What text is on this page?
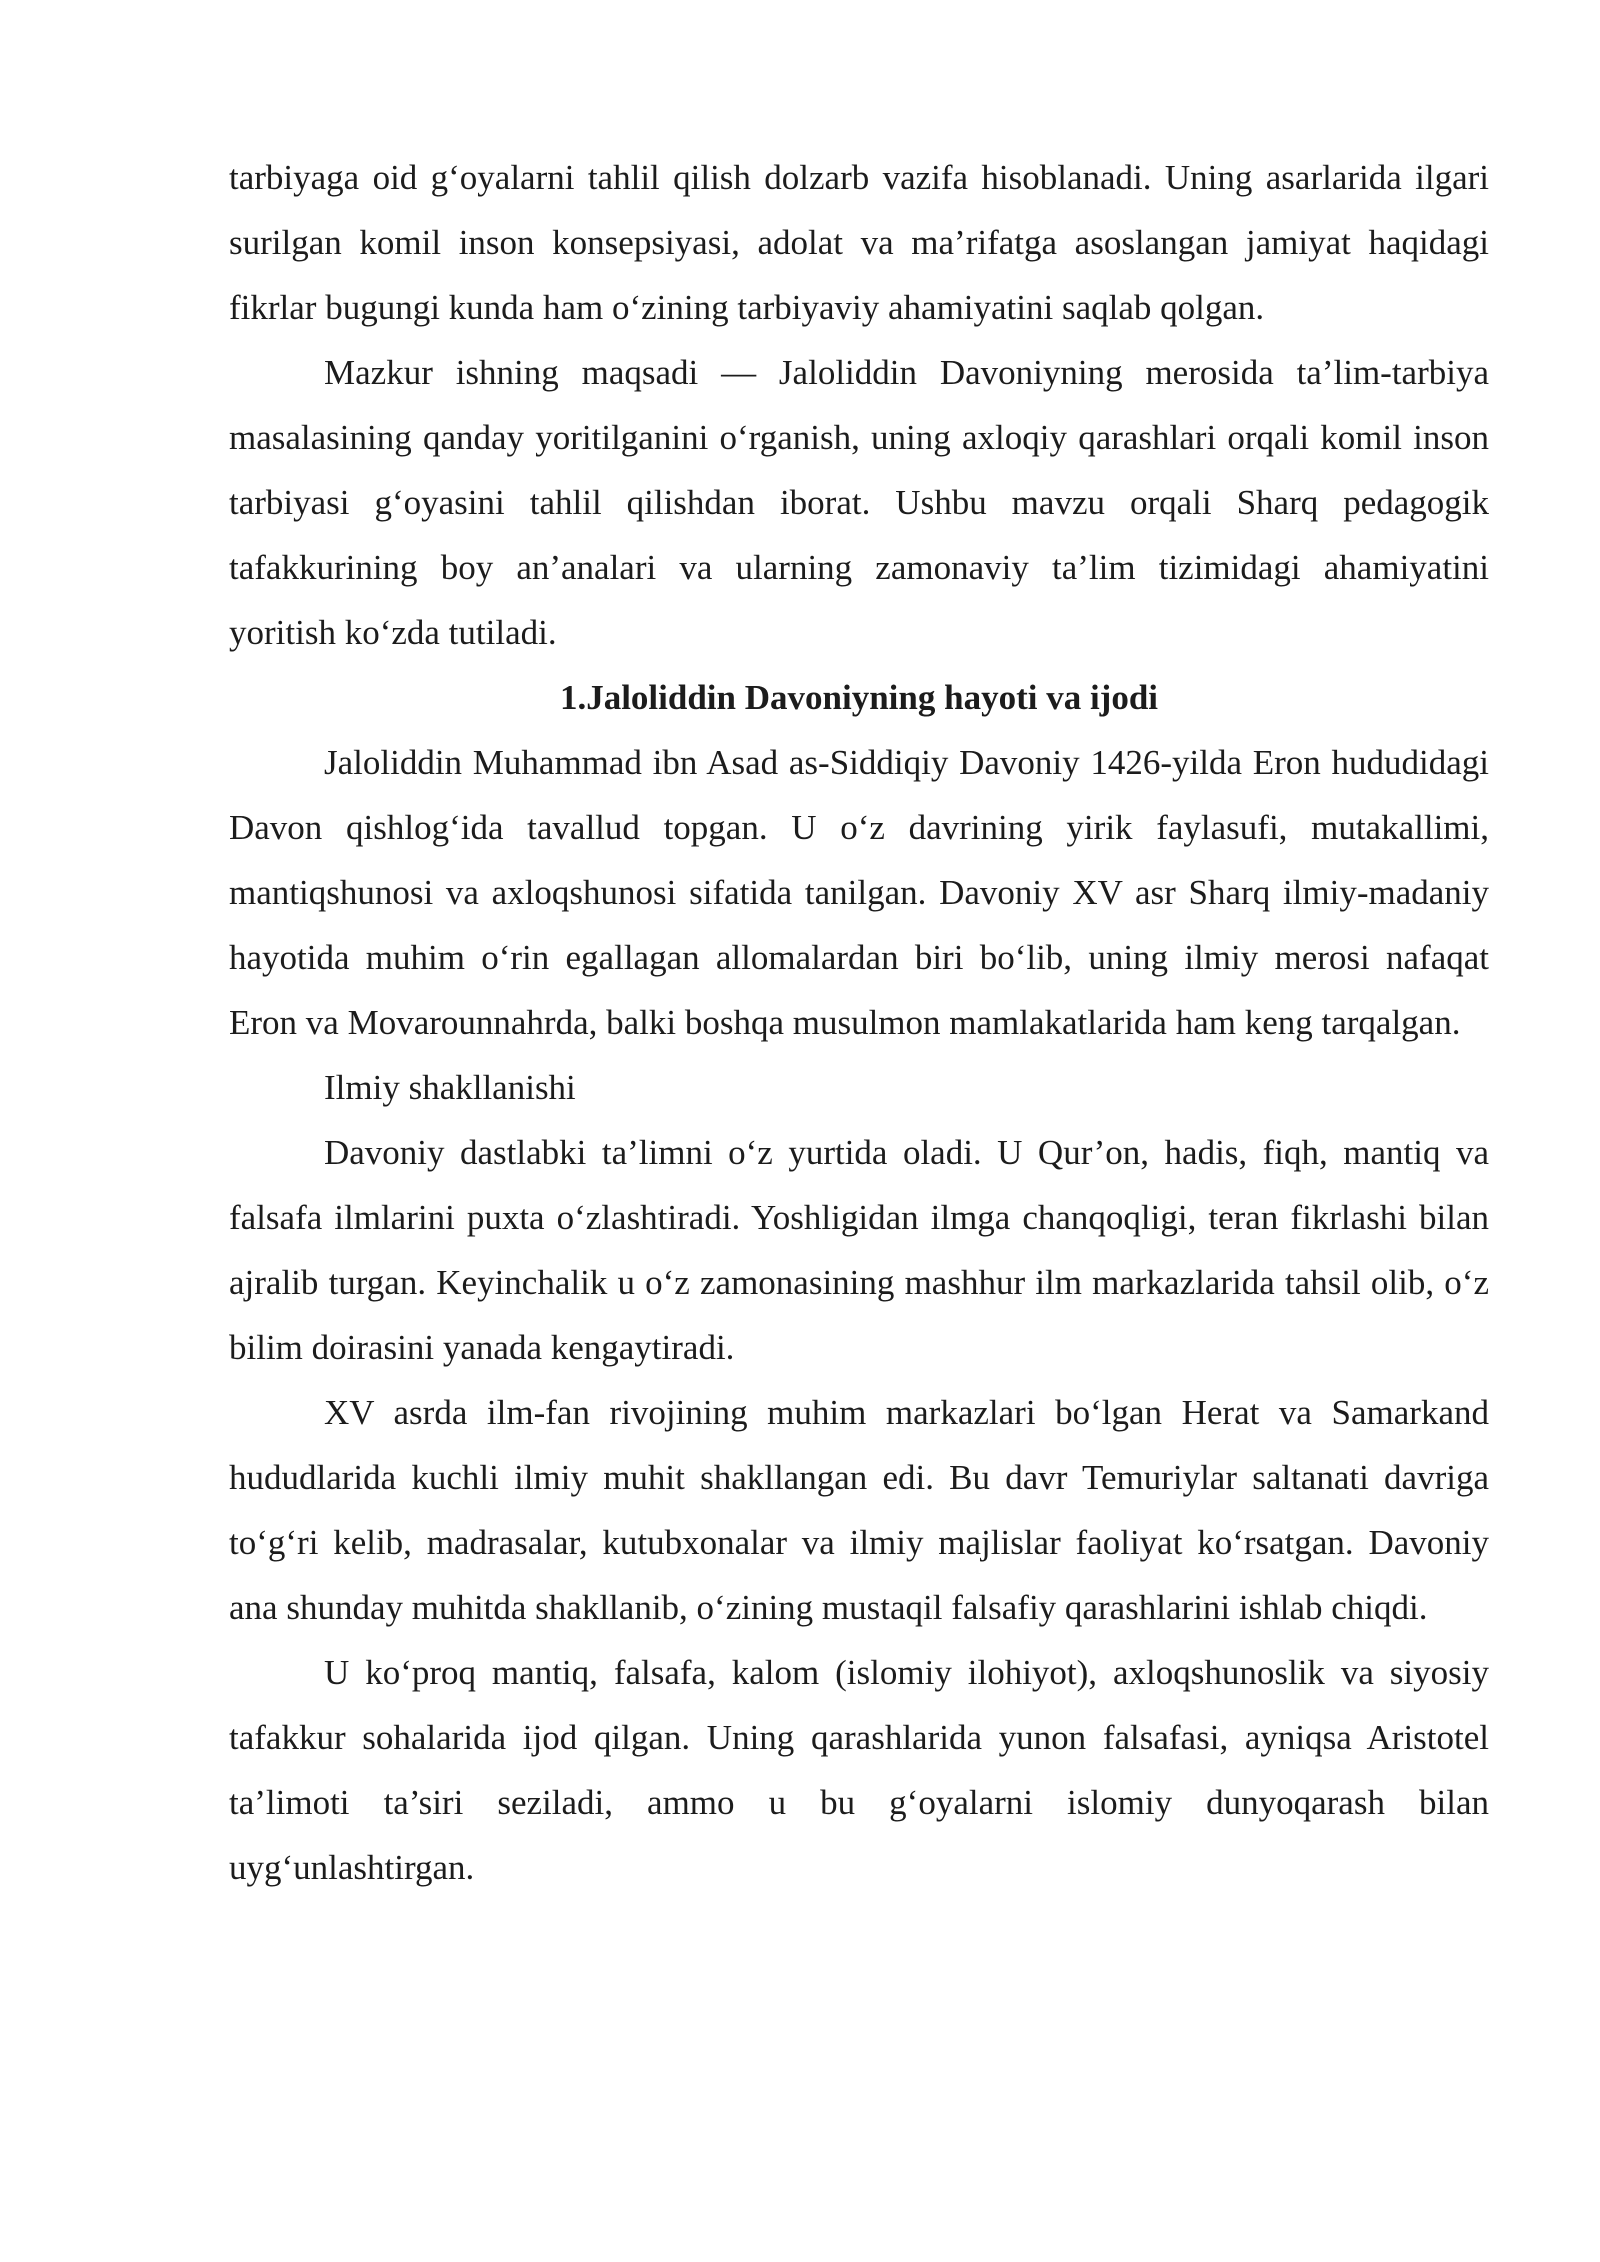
tarbiyaga oid g‘oyalarni tahlil qilish dolzarb vazifa hisoblanadi. Uning asarlarida ilgari surilgan komil inson konsepsiyasi, adolat va ma’rifatga asoslangan jamiyat haqidagi fikrlar bugungi kunda ham o‘zining tarbiyaviy ahamiyatini saqlab qolgan.

Mazkur ishning maqsadi — Jaloliddin Davoniyning merosida ta’lim-tarbiya masalasining qanday yoritilganini o‘rganish, uning axloqiy qarashlari orqali komil inson tarbiyasi g‘oyasini tahlil qilishdan iborat. Ushbu mavzu orqali Sharq pedagogik tafakkurining boy an’analari va ularning zamonaviy ta’lim tizimidagi ahamiyatini yoritish ko‘zda tutiladi.

1.Jaloliddin Davoniyning hayoti va ijodi

Jaloliddin Muhammad ibn Asad as-Siddiqiy Davoniy 1426-yilda Eron hududidagi Davon qishlog‘ida tavallud topgan. U o‘z davrining yirik faylasufi, mutakallimi, mantiqshunosi va axloqshunosi sifatida tanilgan. Davoniy XV asr Sharq ilmiy-madaniy hayotida muhim o‘rin egallagan allomalardan biri bo‘lib, uning ilmiy merosi nafaqat Eron va Movarounnahrda, balki boshqa musulmon mamlakatlarida ham keng tarqalgan.

Ilmiy shakllanishi

Davoniy dastlabki ta’limni o‘z yurtida oladi. U Qur’on, hadis, fiqh, mantiq va falsafa ilmlarini puxta o‘zlashtiradi. Yoshligidan ilmga chanqoqligi, teran fikrlashi bilan ajralib turgan. Keyinchalik u o‘z zamonasining mashhur ilm markazlarida tahsil olib, o‘z bilim doirasini yanada kengaytiradi.

XV asrda ilm-fan rivojining muhim markazlari bo‘lgan Herat va Samarkand hududlarida kuchli ilmiy muhit shakllangan edi. Bu davr Temuriylar saltanati davriga to‘g‘ri kelib, madrasalar, kutubxonalar va ilmiy majlislar faoliyat ko‘rsatgan. Davoniy ana shunday muhitda shakllanib, o‘zining mustaqil falsafiy qarashlarini ishlab chiqdi.

U ko‘proq mantiq, falsafa, kalom (islomiy ilohiyot), axloqshunoslik va siyosiy tafakkur sohalarida ijod qilgan. Uning qarashlarida yunon falsafasi, ayniqsa Aristotel ta’limoti ta’siri seziladi, ammo u bu g‘oyalarni islomiy dunyoqarash bilan uyg‘unlashtirgan.
